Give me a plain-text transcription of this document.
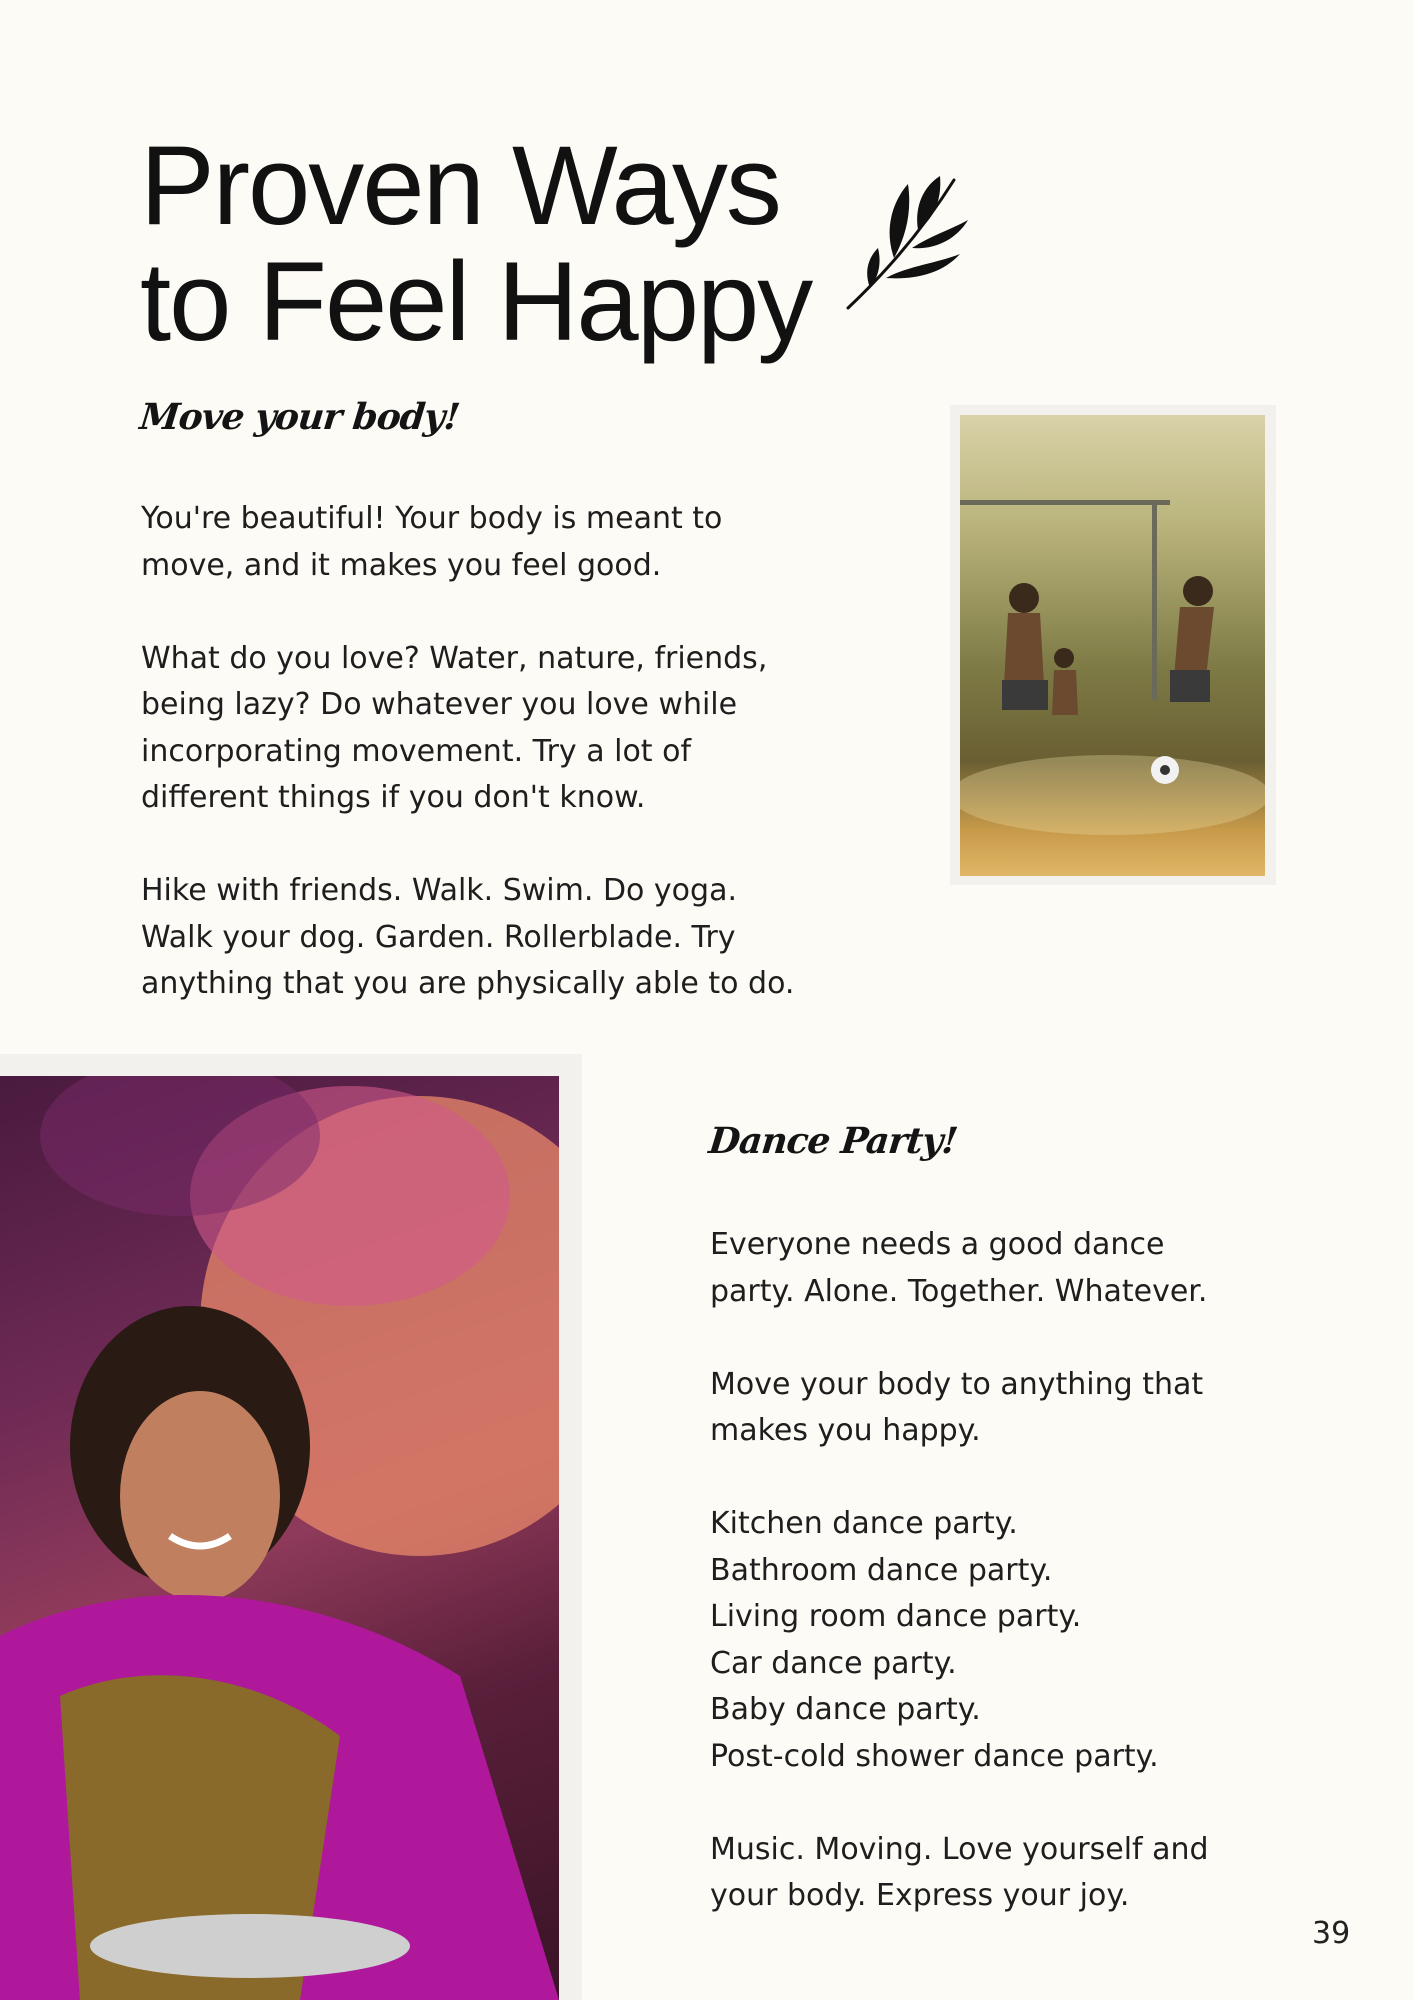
Proven Ways
to Feel Happy
Move your body!

You're beautiful! Your body is meant to
move, and it makes you feel good.

What do you love? Water, nature, friends,
being lazy? Do whatever you love while
incorporating movement. Try a lot of
different things if you don't know.

Hike with friends. Walk. Swim. Do yoga.
Walk your dog. Garden. Rollerblade. Try
anything that you are physically able to do.

Dance Party!

Everyone needs a good dance
party. Alone. Together. Whatever.

Move your body to anything that
makes you happy.

Kitchen dance party.
Bathroom dance party.
Living room dance party.
Car dance party.
Baby dance party.
Post-cold shower dance party.

Music. Moving. Love yourself and
your body. Express your joy.

39
